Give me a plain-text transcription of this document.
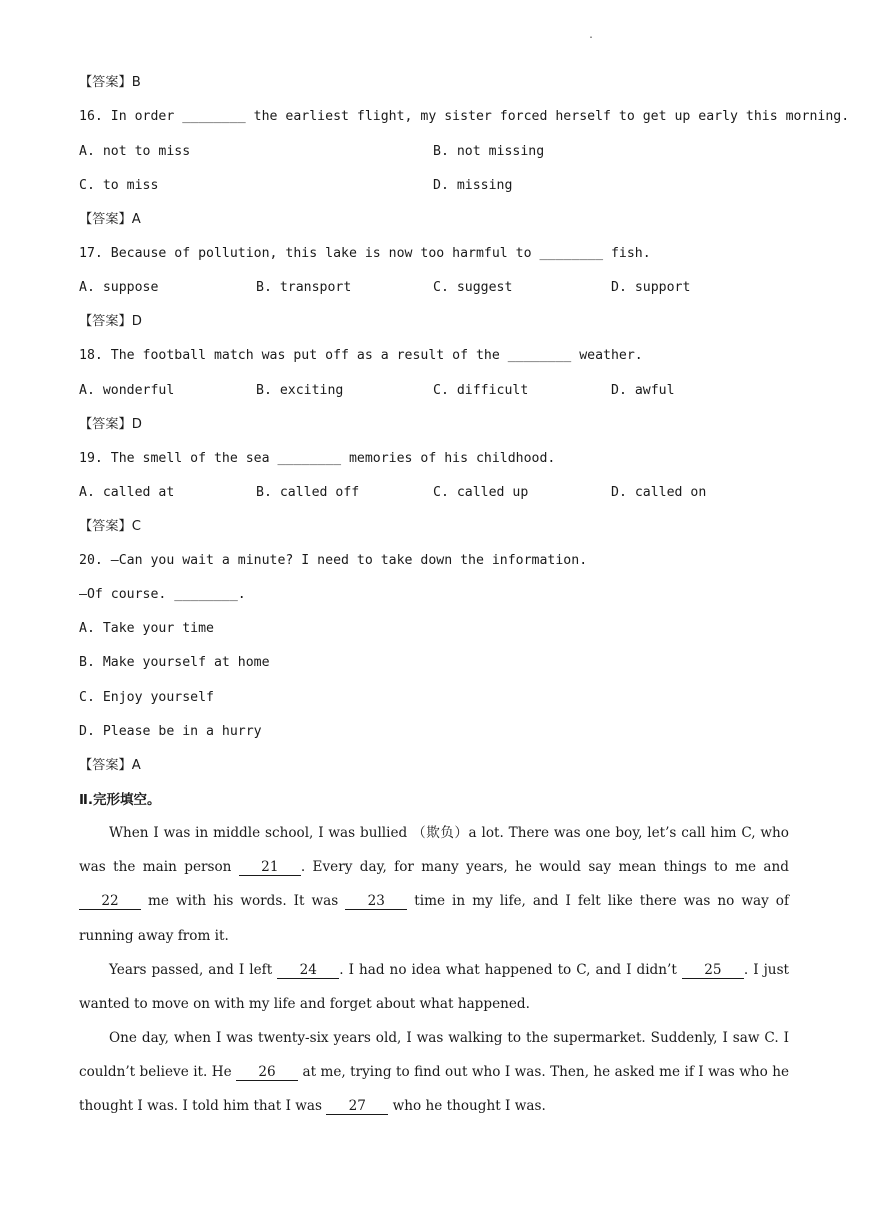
.
【答案】B
16. In order ________ the earliest flight, my sister forced herself to get up early this morning.
A. not to miss	B. not missing
C. to miss	D. missing
【答案】A
17. Because of pollution, this lake is now too harmful to ________ fish.
A. suppose	B. transport	C. suggest	D. support
【答案】D
18. The football match was put off as a result of the ________ weather.
A. wonderful	B. exciting	C. difficult	D. awful
【答案】D
19. The smell of the sea ________ memories of his childhood.
A. called at	B. called off	C. called up	D. called on
【答案】C
20. —Can you wait a minute? I need to take down the information.
—Of course. ________.
A. Take your time
B. Make yourself at home
C. Enjoy yourself
D. Please be in a hurry
【答案】A
Ⅱ.完形填空。

When I was in middle school, I was bullied （欺负）a lot. There was one boy, let’s call him C, who was the main person 21 . Every day, for many years, he would say mean things to me and 22 me with his words. It was 23 time in my life, and I felt like there was no way of running away from it.

Years passed, and I left 24 . I had no idea what happened to C, and I didn’t 25 . I just wanted to move on with my life and forget about what happened.

One day, when I was twenty-six years old, I was walking to the supermarket. Suddenly, I saw C. I couldn’t believe it. He 26 at me, trying to find out who I was. Then, he asked me if I was who he thought I was. I told him that I was 27 who he thought I was.
